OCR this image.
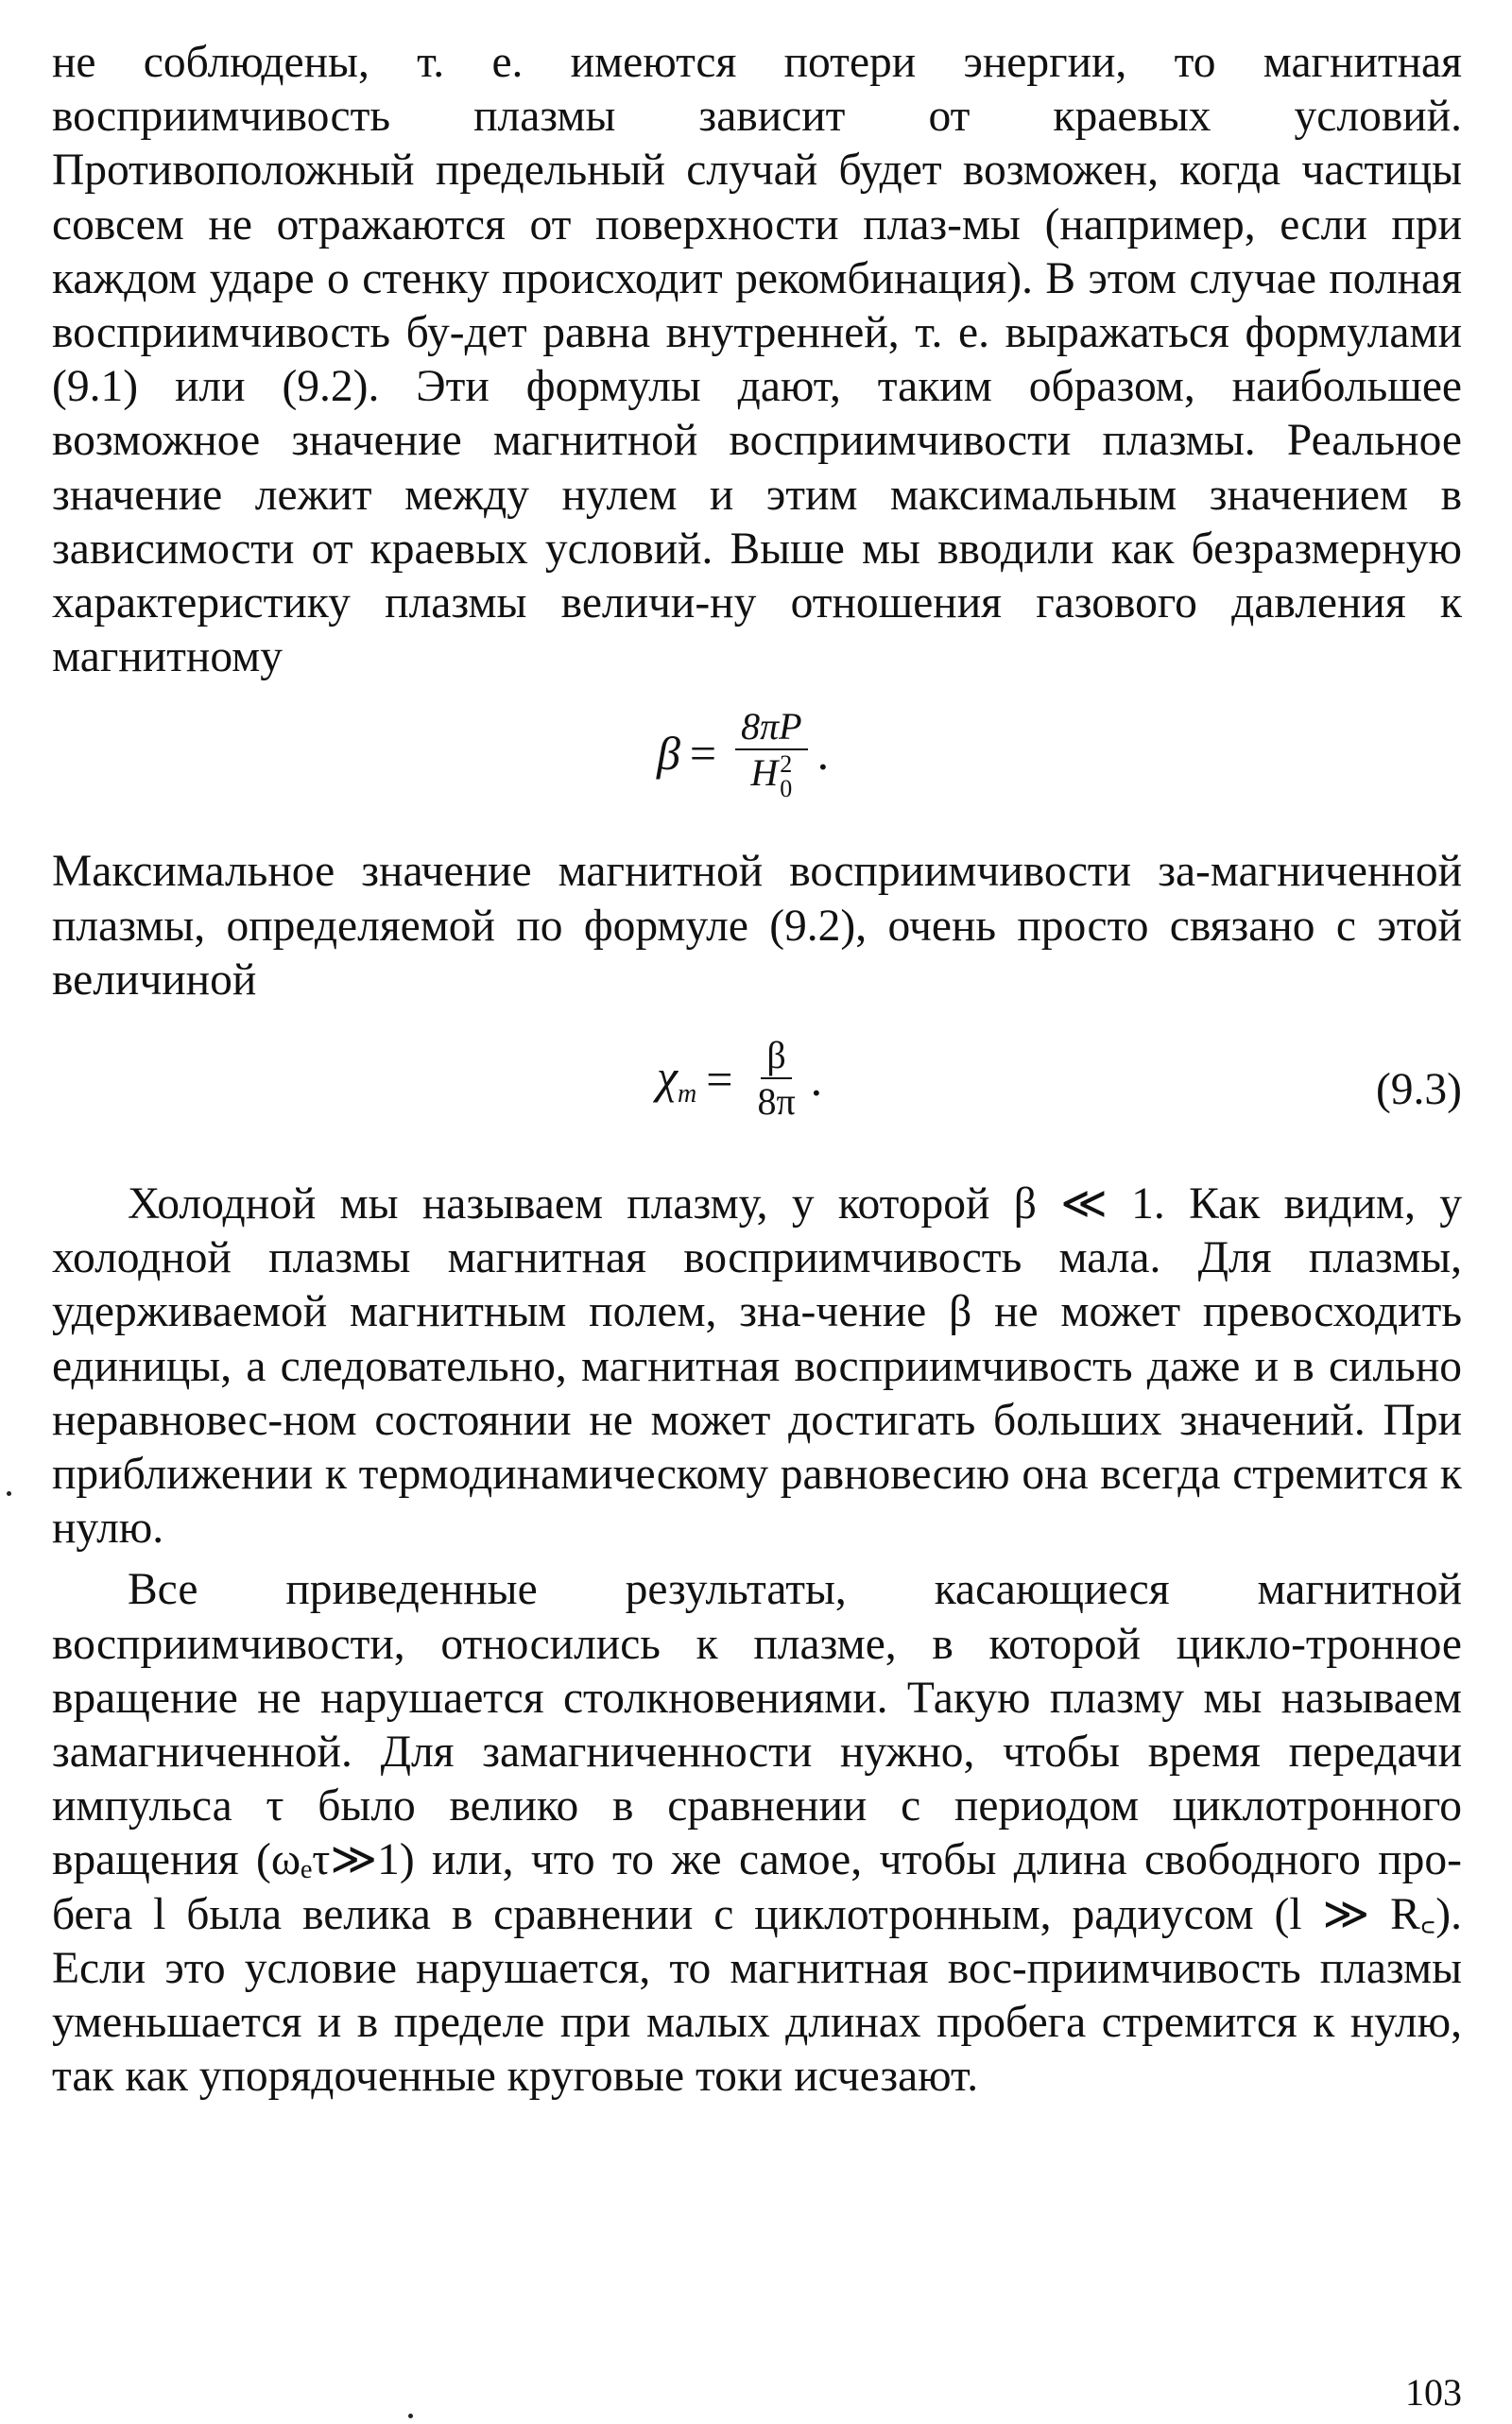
не соблюдены, т. е. имеются потери энергии, то магнитная восприимчивость плазмы зависит от краевых условий. Противоположный предельный случай будет возможен, когда частицы совсем не отражаются от поверхности плаз-мы (например, если при каждом ударе о стенку происходит рекомбинация). В этом случае полная восприимчивость бу-дет равна внутренней, т. е. выражаться формулами (9.1) или (9.2). Эти формулы дают, таким образом, наибольшее возможное значение магнитной восприимчивости плазмы. Реальное значение лежит между нулем и этим максимальным значением в зависимости от краевых условий. Выше мы вводили как безразмерную характеристику плазмы величи-ну отношения газового давления к магнитному

β = 8πP
H 2
0 .

Максимальное значение магнитной восприимчивости за-магниченной плазмы, определяемой по формуле (9.2), очень просто связано с этой величиной

$\chi_m = \frac{\beta}{8\pi}$ .	(9.3)

Холодной мы называем плазму, у которой β ≪ 1. Как видим, у холодной плазмы магнитная восприимчивость мала. Для плазмы, удерживаемой магнитным полем, зна-чение β не может превосходить единицы, а следовательно, магнитная восприимчивость даже и в сильно неравновес-ном состоянии не может достигать больших значений. При приближении к термодинамическому равновесию она всегда стремится к нулю.

Все приведенные результаты, касающиеся магнитной восприимчивости, относились к плазме, в которой цикло-тронное вращение не нарушается столкновениями. Такую плазму мы называем замагниченной. Для замагниченности нужно, чтобы время передачи импульса τ было велико в сравнении с периодом циклотронного вращения (ωₑτ≫1) или, что то же самое, чтобы длина свободного про-бега l была велика в сравнении с циклотронным, радиусом (l ≫ R꜀). Если это условие нарушается, то магнитная вос-приимчивость плазмы уменьшается и в пределе при малых длинах пробега стремится к нулю, так как упорядоченные круговые токи исчезают.

103
